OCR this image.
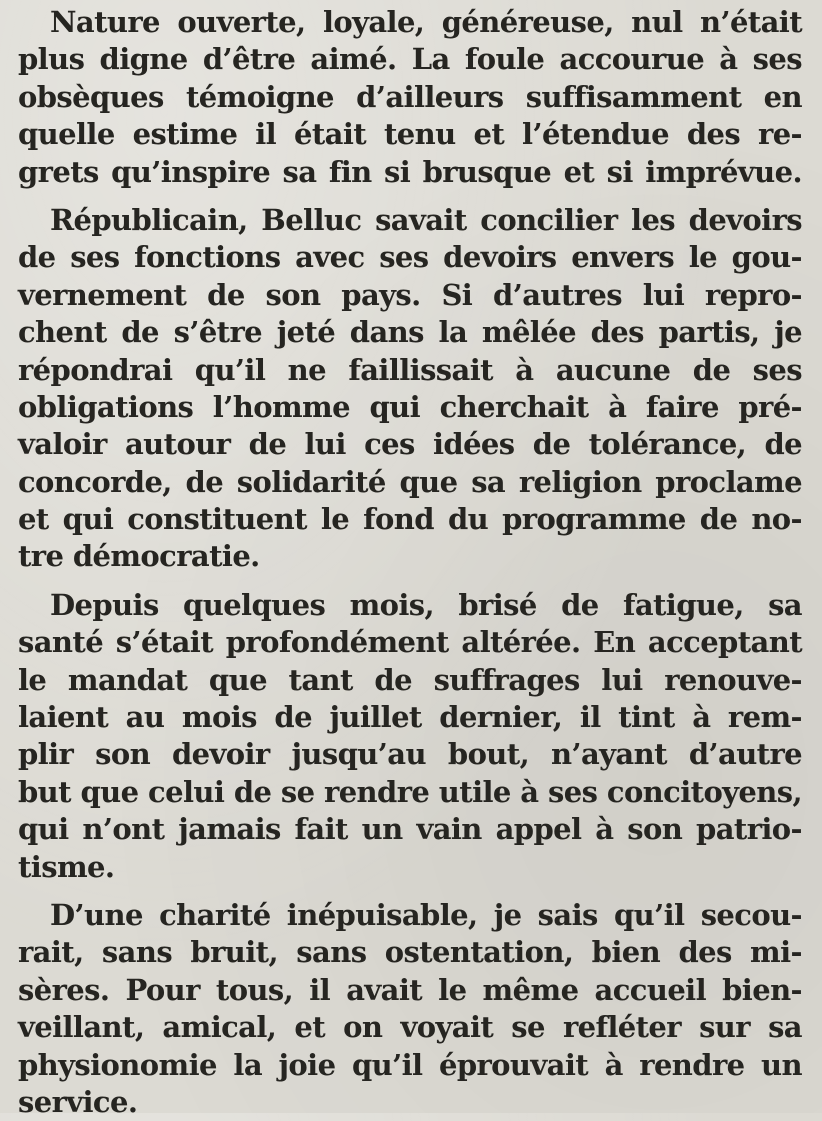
Nature ouverte, loyale, généreuse, nul n’était
plus digne d’être aimé. La foule accourue à ses
obsèques témoigne d’ailleurs suffisamment en
quelle estime il était tenu et l’étendue des re-
grets qu’inspire sa fin si brusque et si imprévue.
Républicain, Belluc savait concilier les devoirs
de ses fonctions avec ses devoirs envers le gou-
vernement de son pays. Si d’autres lui repro-
chent de s’être jeté dans la mêlée des partis, je
répondrai qu’il ne faillissait à aucune de ses
obligations l’homme qui cherchait à faire pré-
valoir autour de lui ces idées de tolérance, de
concorde, de solidarité que sa religion proclame
et qui constituent le fond du programme de no-
tre démocratie.
Depuis quelques mois, brisé de fatigue, sa
santé s’était profondément altérée. En acceptant
le mandat que tant de suffrages lui renouve-
laient au mois de juillet dernier, il tint à rem-
plir son devoir jusqu’au bout, n’ayant d’autre
but que celui de se rendre utile à ses concitoyens,
qui n’ont jamais fait un vain appel à son patrio-
tisme.
D’une charité inépuisable, je sais qu’il secou-
rait, sans bruit, sans ostentation, bien des mi-
sères. Pour tous, il avait le même accueil bien-
veillant, amical, et on voyait se refléter sur sa
physionomie la joie qu’il éprouvait à rendre un
service.
